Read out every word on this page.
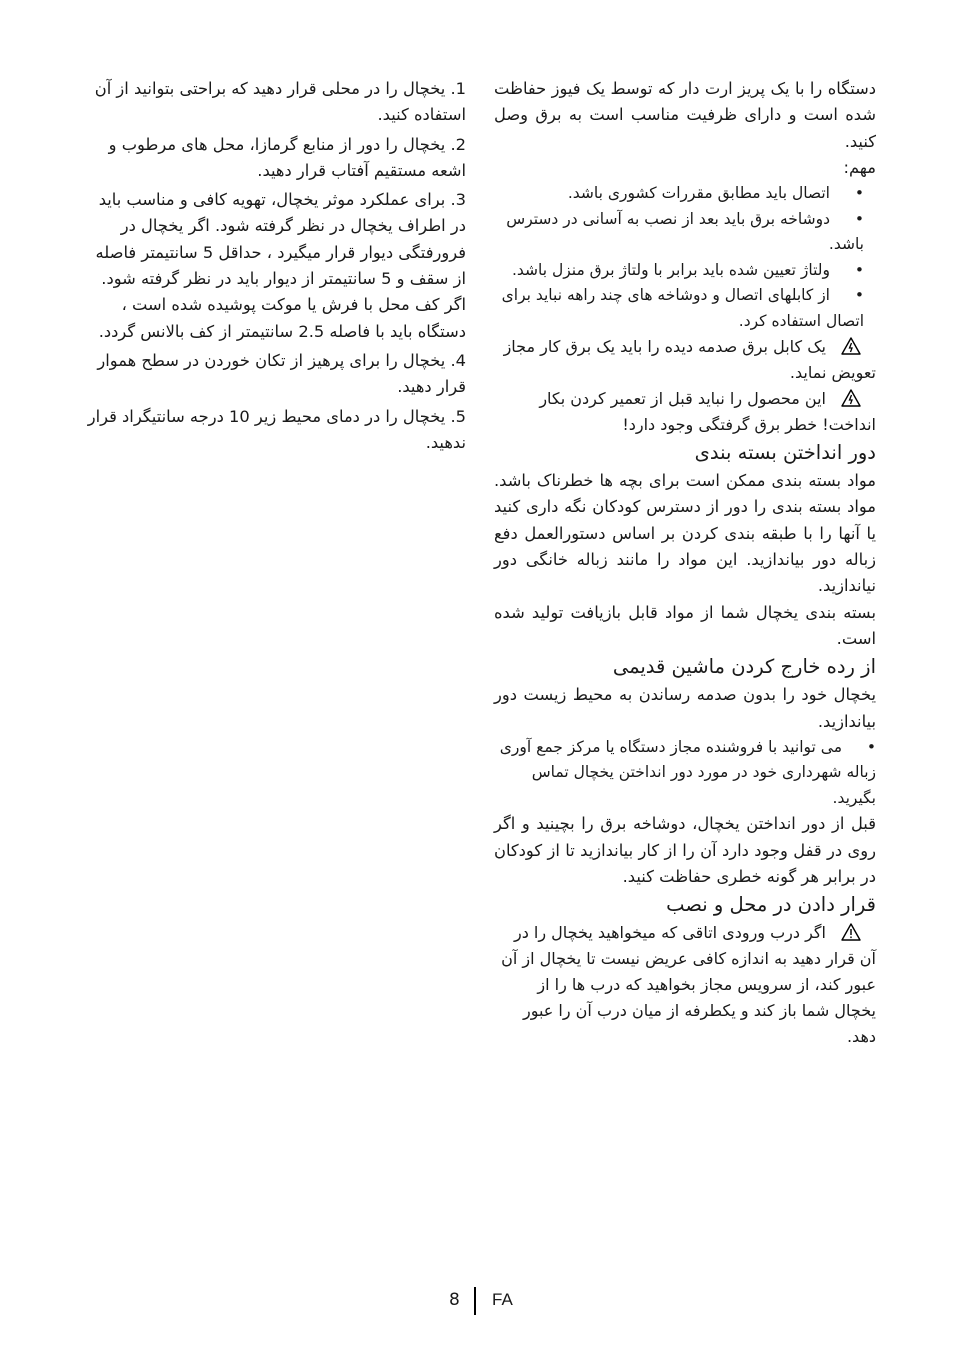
دستگاه را با یک پریز ارت دار که توسط یک فیوز حفاظت شده است و دارای ظرفیت مناسب است به برق وصل کنید.

مهم:

•اتصال باید مطابق مقررات کشوری باشد.

•دوشاخه برق باید بعد از نصب به آسانی در دسترس باشد.

•ولتاژ تعیین شده باید برابر با ولتاژ برق منزل باشد.

•از کابلهای اتصال و دوشاخه های چند راهه نباید برای اتصال استفاده کرد.

یک کابل برق صدمه دیده را باید یک برق کار مجاز تعویض نماید.

این محصول را نباید قبل از تعمیر کردن بکار انداخت! خطر برق گرفتگی وجود دارد!

دور انداختن بسته بندی

مواد بسته بندی ممکن است برای بچه ها خطرناک باشد. مواد بسته بندی را دور از دسترس کودکان نگه داری کنید یا آنها را با طبقه بندی کردن بر اساس دستورالعمل دفع زباله دور بیاندازید. این مواد را مانند زباله خانگی دور نیاندازید.

بسته بندی یخچال شما از مواد قابل بازیافت تولید شده است.

از رده خارج کردن ماشین قدیمی

یخچال خود را بدون صدمه رساندن به محیط زیست دور بیاندازید.

•می توانید با فروشنده مجاز دستگاه یا مرکز جمع آوری زباله شهرداری خود در مورد دور انداختن یخچال تماس بگیرید.

قبل از دور انداختن یخچال، دوشاخه برق را بچینید و اگر روی در قفل وجود دارد آن را از کار بیاندازید تا از کودکان در برابر هر گونه خطری حفاظت کنید.

قرار دادن در محل و نصب

اگر درب ورودی اتاقی که میخواهید یخچال را در آن قرار دهید به اندازه کافی عریض نیست تا یخچال از آن عبور کند، از سرویس مجاز بخواهید که درب ها را از یخچال شما باز کند و یکطرفه از میان درب آن را عبور دهد.

1. یخچال را در محلی قرار دهید که براحتی بتوانید از آن استفاده کنید.

2. یخچال را دور از منابع گرمازا، محل های مرطوب و اشعه مستقیم آفتاب قرار دهید.

3. برای عملکرد موثر یخچال، تهویه کافی و مناسب باید در اطراف یخچال در نظر گرفته شود. اگر یخچال در فرورفتگی دیوار قرار میگیرد ، حداقل 5 سانتیمتر فاصله از سقف و 5 سانتیمتر از دیوار باید در نظر گرفته شود. اگر کف محل با فرش یا موکت پوشیده شده است ، دستگاه باید با فاصله 2.5 سانتیمتر از کف بالانس گردد.

4. یخچال را برای پرهیز از تکان خوردن در سطح هموار قرار دهید.

5. یخچال را در دمای محیط زیر 10 درجه سانتیگراد قرار ندهید.

8 FA
